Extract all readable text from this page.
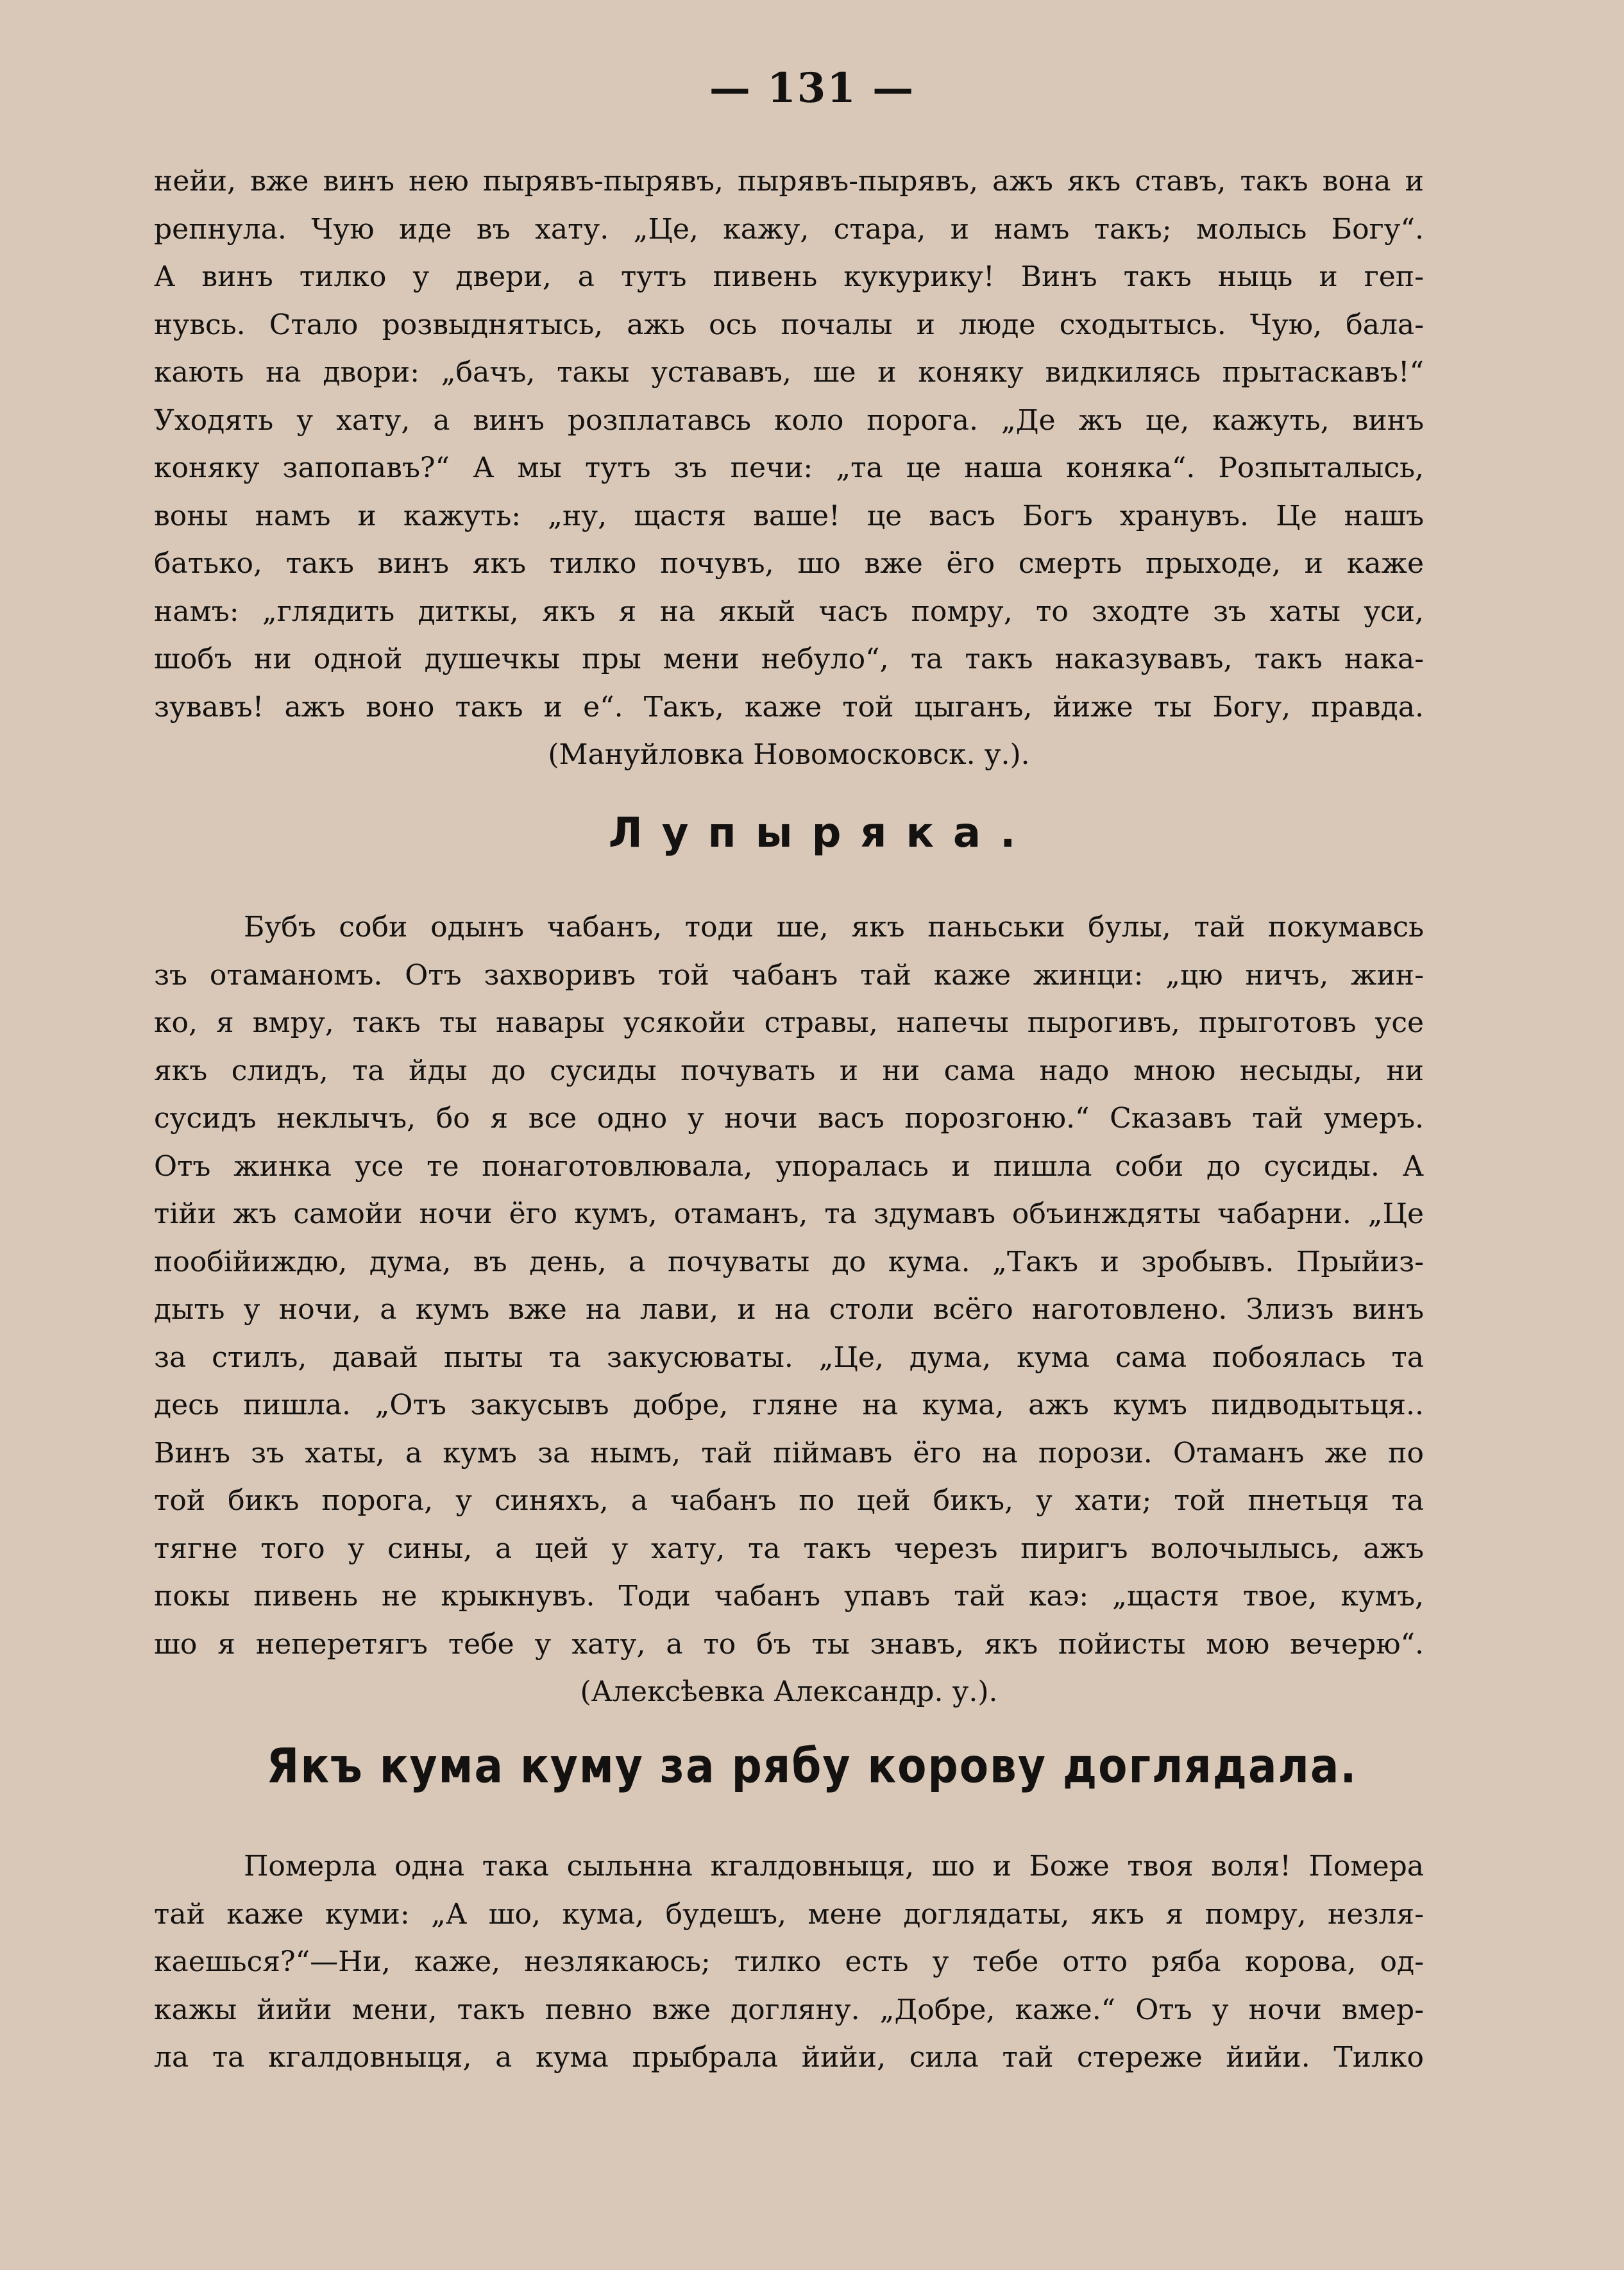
— 131 —
нейи, вже винъ нею пырявъ-пырявъ, пырявъ-пырявъ, ажъ якъ ставъ, такъ вона и
репнула. Чую иде въ хату. „Це, кажу, стара, и намъ такъ; молысь Богу“.
А винъ тилко у двери, а тутъ пивень кукурику! Винъ такъ ныць и геп-
нувсь. Стало розвыднятысь, ажь ось почалы и люде сходытысь. Чую, бала-
кають на двори: „бачъ, такы устававъ, ше и коняку видкилясь прытаскавъ!“
Уходять у хату, а винъ розплатавсь коло порога. „Де жъ це, кажуть, винъ
коняку запопавъ?“ А мы тутъ зъ печи: „та це наша коняка“. Розпыталысь,
воны намъ и кажуть: „ну, щастя ваше! це васъ Богъ хранувъ. Це нашъ
батько, такъ винъ якъ тилко почувъ, шо вже ёго смерть прыходе, и каже
намъ: „глядить диткы, якъ я на якый часъ помру, то зходте зъ хаты уси,
шобъ ни одной душечкы пры мени небуло“, та такъ наказувавъ, такъ нака-
зувавъ! ажъ воно такъ и е“. Такъ, каже той цыганъ, йиже ты Богу, правда.
(Мануйловка Новомосковск. у.).
Лупыряка.
Бубъ соби одынъ чабанъ, тоди ше, якъ паньськи булы, тай покумавсь
зъ отаманомъ. Отъ захворивъ той чабанъ тай каже жинци: „цю ничъ, жин-
ко, я вмру, такъ ты навары усякойи стравы, напечы пырогивъ, прыготовъ усе
якъ слидъ, та йды до сусиды почувать и ни сама надо мною несыды, ни
сусидъ неклычъ, бо я все одно у ночи васъ порозгоню.“ Сказавъ тай умеръ.
Отъ жинка усе те понаготовлювала, упоралась и пишла соби до сусиды. А
тійи жъ самойи ночи ёго кумъ, отаманъ, та здумавъ объинждяты чабарни. „Це
пообійиждю, дума, въ день, а почуваты до кума. „Такъ и зробывъ. Прыйиз-
дыть у ночи, а кумъ вже на лави, и на столи всёго наготовлено. Злизъ винъ
за стилъ, давай пыты та закусюваты. „Це, дума, кума сама побоялась та
десь пишла. „Отъ закусывъ добре, гляне на кума, ажъ кумъ пидводытьця..
Винъ зъ хаты, а кумъ за нымъ, тай піймавъ ёго на порози. Отаманъ же по
той бикъ порога, у синяхъ, а чабанъ по цей бикъ, у хати; той пнетьця та
тягне того у сины, а цей у хату, та такъ черезъ пиригъ волочылысь, ажъ
покы пивень не крыкнувъ. Тоди чабанъ упавъ тай каэ: „щастя твое, кумъ,
шо я неперетягъ тебе у хату, а то бъ ты знавъ, якъ пойисты мою вечерю“.
(Алексѣевка Александр. у.).
Якъ кума куму за рябу корову доглядала.
Померла одна така сыльнна кгалдовныця, шо и Боже твоя воля! Помера
тай каже куми: „А шо, кума, будешъ, мене доглядаты, якъ я помру, незля-
каешься?“—Ни, каже, незлякаюсь; тилко есть у тебе отто ряба корова, од-
кажы йийи мени, такъ певно вже догляну. „Добре, каже.“ Отъ у ночи вмер-
ла та кгалдовныця, а кума прыбрала йийи, сила тай стереже йийи. Тилко
